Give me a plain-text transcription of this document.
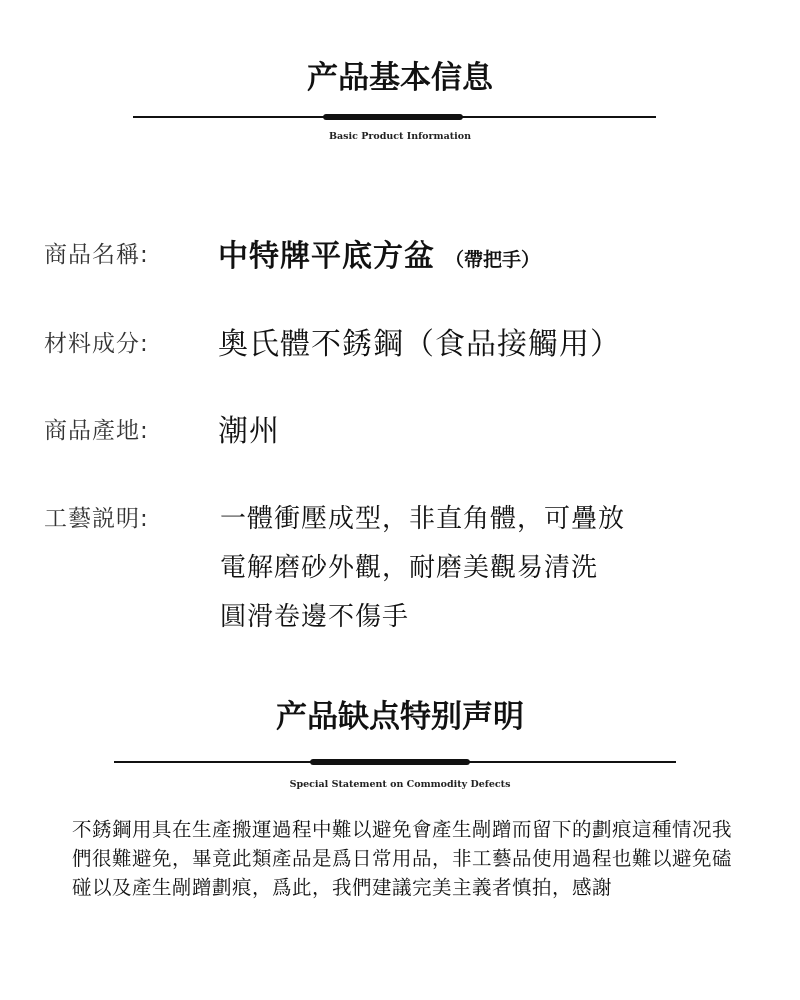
产品基本信息
Basic Product Information
商品名稱: 中特牌平底方盆 （帶把手）
材料成分: 奧氏體不銹鋼（食品接觸用）
商品產地: 潮州
工藝説明:	一體衝壓成型，非直角體，可疊放
電解磨砂外觀，耐磨美觀易清洗
圓滑卷邊不傷手
产品缺点特别声明
Special Statement on Commodity Defects
不銹鋼用具在生產搬運過程中難以避免會產生剮蹭而留下的劃痕這種情况我們很難避免，畢竟此類產品是爲日常用品，非工藝品使用過程也難以避免磕碰以及產生剮蹭劃痕，爲此，我們建議完美主義者慎拍，感謝
